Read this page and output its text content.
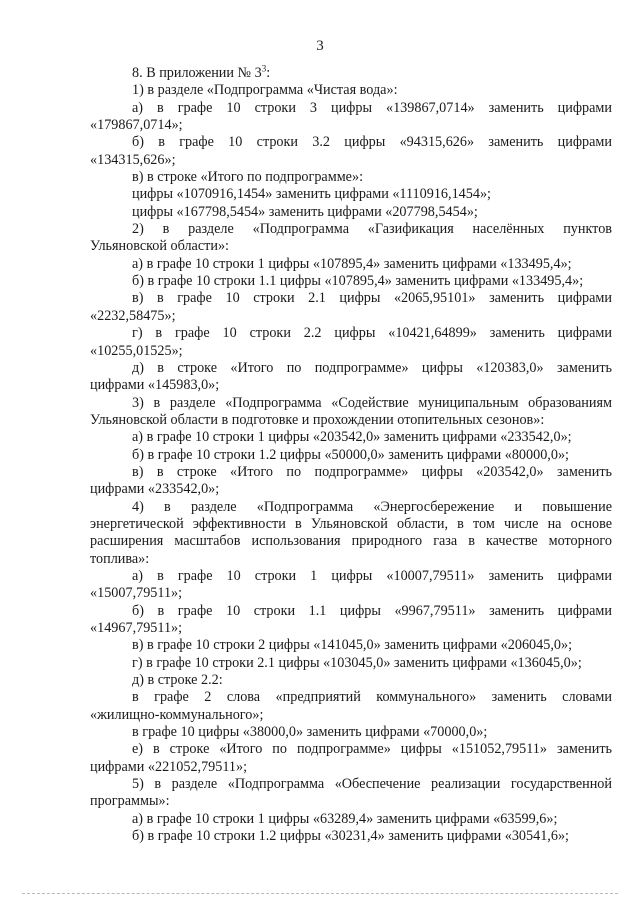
3
8. В приложении № $3^3$:
1) в разделе «Подпрограмма «Чистая вода»:
а) в графе 10 строки 3 цифры «139867,0714» заменить цифрами
«179867,0714»;
б) в графе 10 строки 3.2 цифры «94315,626» заменить цифрами
«134315,626»;
в) в строке «Итого по подпрограмме»:
цифры «1070916,1454» заменить цифрами «1110916,1454»;
цифры «167798,5454» заменить цифрами «207798,5454»;
2) в разделе «Подпрограмма «Газификация населённых пунктов
Ульяновской области»:
а) в графе 10 строки 1 цифры «107895,4» заменить цифрами «133495,4»;
б) в графе 10 строки 1.1 цифры «107895,4» заменить цифрами «133495,4»;
в) в графе 10 строки 2.1 цифры «2065,95101» заменить цифрами
«2232,58475»;
г) в графе 10 строки 2.2 цифры «10421,64899» заменить цифрами
«10255,01525»;
д) в строке «Итого по подпрограмме» цифры «120383,0» заменить
цифрами «145983,0»;
3) в разделе «Подпрограмма «Содействие муниципальным образованиям
Ульяновской области в подготовке и прохождении отопительных сезонов»:
а) в графе 10 строки 1 цифры «203542,0» заменить цифрами «233542,0»;
б) в графе 10 строки 1.2 цифры «50000,0» заменить цифрами «80000,0»;
в) в строке «Итого по подпрограмме» цифры «203542,0» заменить
цифрами «233542,0»;
4) в разделе «Подпрограмма «Энергосбережение и повышение
энергетической эффективности в Ульяновской области, в том числе на основе
расширения масштабов использования природного газа в качестве моторного
топлива»:
а) в графе 10 строки 1 цифры «10007,79511» заменить цифрами
«15007,79511»;
б) в графе 10 строки 1.1 цифры «9967,79511» заменить цифрами
«14967,79511»;
в) в графе 10 строки 2 цифры «141045,0» заменить цифрами «206045,0»;
г) в графе 10 строки 2.1 цифры «103045,0» заменить цифрами «136045,0»;
д) в строке 2.2:
в графе 2 слова «предприятий коммунального» заменить словами
«жилищно-коммунального»;
в графе 10 цифры «38000,0» заменить цифрами «70000,0»;
е) в строке «Итого по подпрограмме» цифры «151052,79511» заменить
цифрами «221052,79511»;
5) в разделе «Подпрограмма «Обеспечение реализации государственной
программы»:
а) в графе 10 строки 1 цифры «63289,4» заменить цифрами «63599,6»;
б) в графе 10 строки 1.2 цифры «30231,4» заменить цифрами «30541,6»;
